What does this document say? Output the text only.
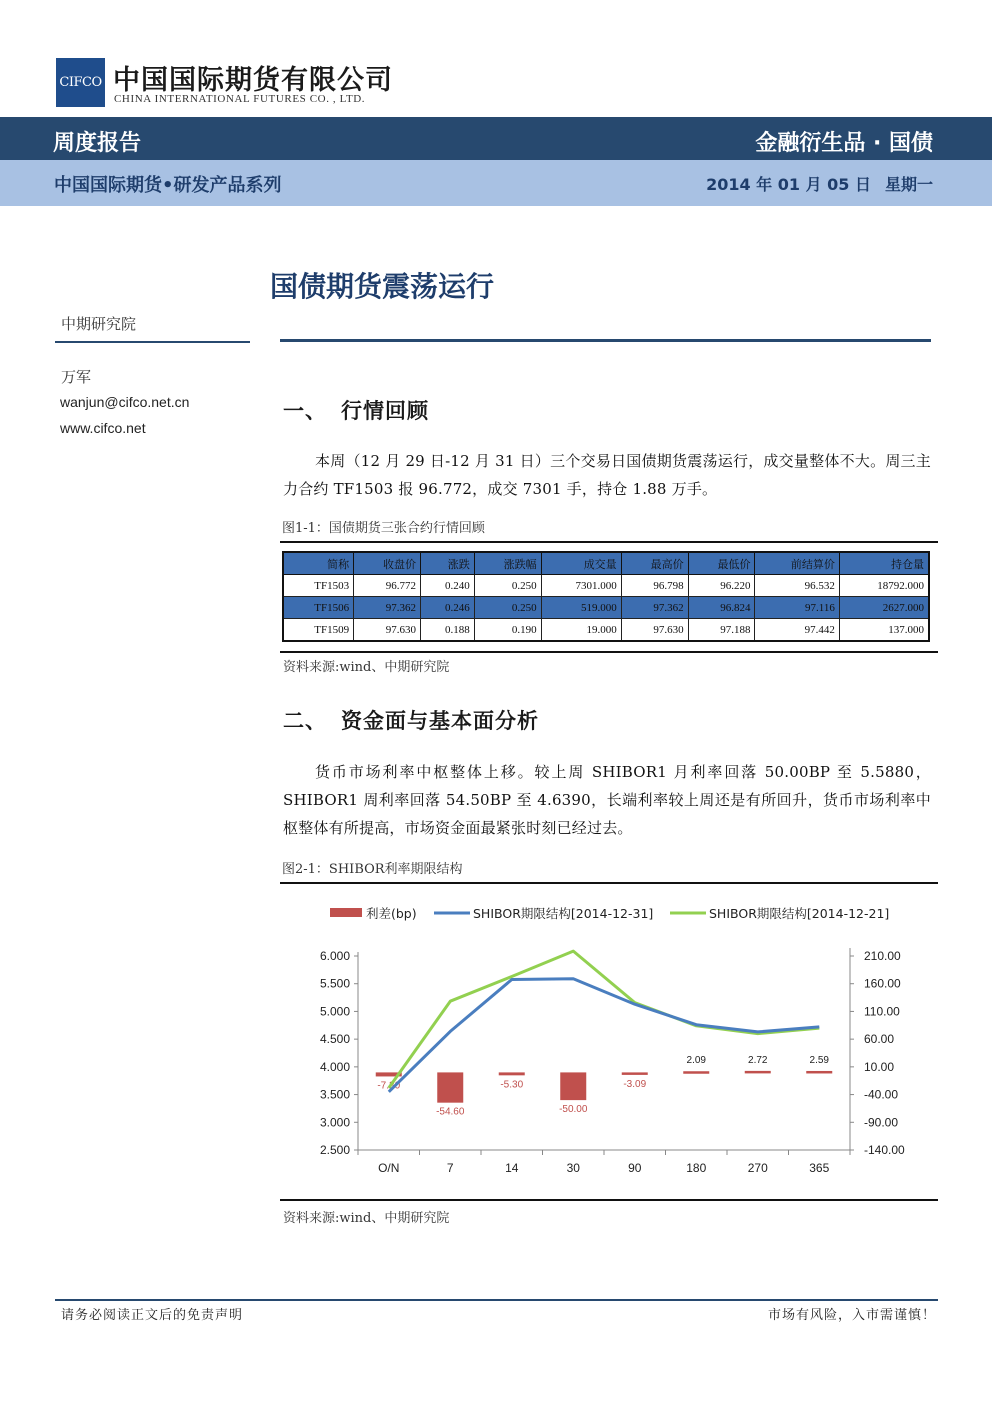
CIFCO 中国国际期货有限公司
CHINA INTERNATIONAL FUTURES CO. , LTD.
周度报告	金融衍生品 · 国债
中国国际期货•研发产品系列	2014 年 01 月 05 日 星期一
国债期货震荡运行
中期研究院
万军
wanjun@cifco.net.cn
www.cifco.net
一、 行情回顾
本周（12 月 29 日-12 月 31 日）三个交易日国债期货震荡运行，成交量整体不大。周三主力合约 TF1503 报 96.772，成交 7301 手，持仓 1.88 万手。
图1-1：国债期货三张合约行情回顾
简称	收盘价	涨跌	涨跌幅	成交量	最高价	最低价	前结算价	持仓量
TF1503	96.772	0.240	0.250	7301.000	96.798	96.220	96.532	18792.000
TF1506	97.362	0.246	0.250	519.000	97.362	96.824	97.116	2627.000
TF1509	97.630	0.188	0.190	19.000	97.630	97.188	97.442	137.000
资料来源:wind、中期研究院
二、 资金面与基本面分析
货币市场利率中枢整体上移。较上周 SHIBOR1 月利率回落 50.00BP 至 5.5880，SHIBOR1 周利率回落 54.50BP 至 4.6390，长端利率较上周还是有所回升，货币市场利率中枢整体有所提高，市场资金面最紧张时刻已经过去。
图2-1：SHIBOR利率期限结构
6.000
5.500
5.000
4.500
4.000
3.500
3.000
2.500
210.00
160.00
110.00
60.00
10.00
-40.00
-90.00
-140.00
O/N	7	14	30	90	180	270	365
-7.30
-54.60
-5.30
-50.00
-3.09
2.09	2.72	2.59
利差(bp)	SHIBOR期限结构[2014-12-31]	SHIBOR期限结构[2014-12-21]
资料来源:wind、中期研究院
请务必阅读正文后的免责声明	市场有风险，入市需谨慎！
